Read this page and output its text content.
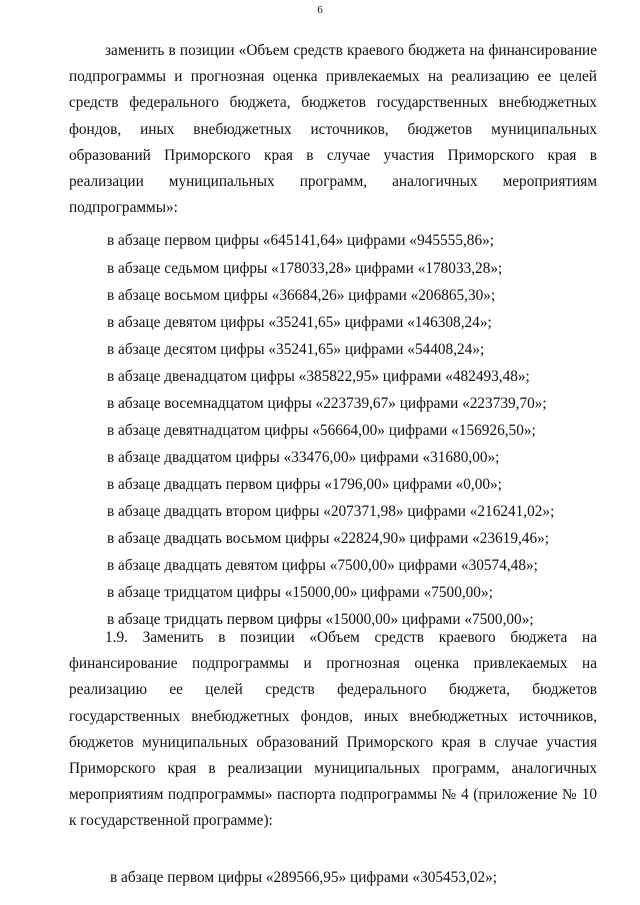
6

заменить в позиции «Объем средств краевого бюджета на финансирование подпрограммы и прогнозная оценка привлекаемых на реализацию ее целей средств федерального бюджета, бюджетов государственных внебюджетных фондов, иных внебюджетных источников, бюджетов муниципальных образований Приморского края в случае участия Приморского края в реализации муниципальных программ, аналогичных мероприятиям подпрограммы»:

в абзаце первом цифры «645141,64» цифрами «945555,86»;
в абзаце седьмом цифры «178033,28» цифрами «178033,28»;
в абзаце восьмом цифры «36684,26» цифрами «206865,30»;
в абзаце девятом цифры «35241,65» цифрами «146308,24»;
в абзаце десятом цифры «35241,65» цифрами «54408,24»;
в абзаце двенадцатом цифры «385822,95» цифрами «482493,48»;
в абзаце восемнадцатом цифры «223739,67» цифрами «223739,70»;
в абзаце девятнадцатом цифры «56664,00» цифрами «156926,50»;
в абзаце двадцатом цифры «33476,00» цифрами «31680,00»;
в абзаце двадцать первом цифры «1796,00» цифрами «0,00»;
в абзаце двадцать втором цифры «207371,98» цифрами «216241,02»;
в абзаце двадцать восьмом цифры «22824,90» цифрами «23619,46»;
в абзаце двадцать девятом цифры «7500,00» цифрами «30574,48»;
в абзаце тридцатом цифры «15000,00» цифрами «7500,00»;
в абзаце тридцать первом цифры «15000,00» цифрами «7500,00»;

1.9. Заменить в позиции «Объем средств краевого бюджета на финансирование подпрограммы и прогнозная оценка привлекаемых на реализацию ее целей средств федерального бюджета, бюджетов государственных внебюджетных фондов, иных внебюджетных источников, бюджетов муниципальных образований Приморского края в случае участия Приморского края в реализации муниципальных программ, аналогичных мероприятиям подпрограммы» паспорта подпрограммы № 4 (приложение № 10 к государственной программе):

в абзаце первом цифры «289566,95» цифрами «305453,02»;
